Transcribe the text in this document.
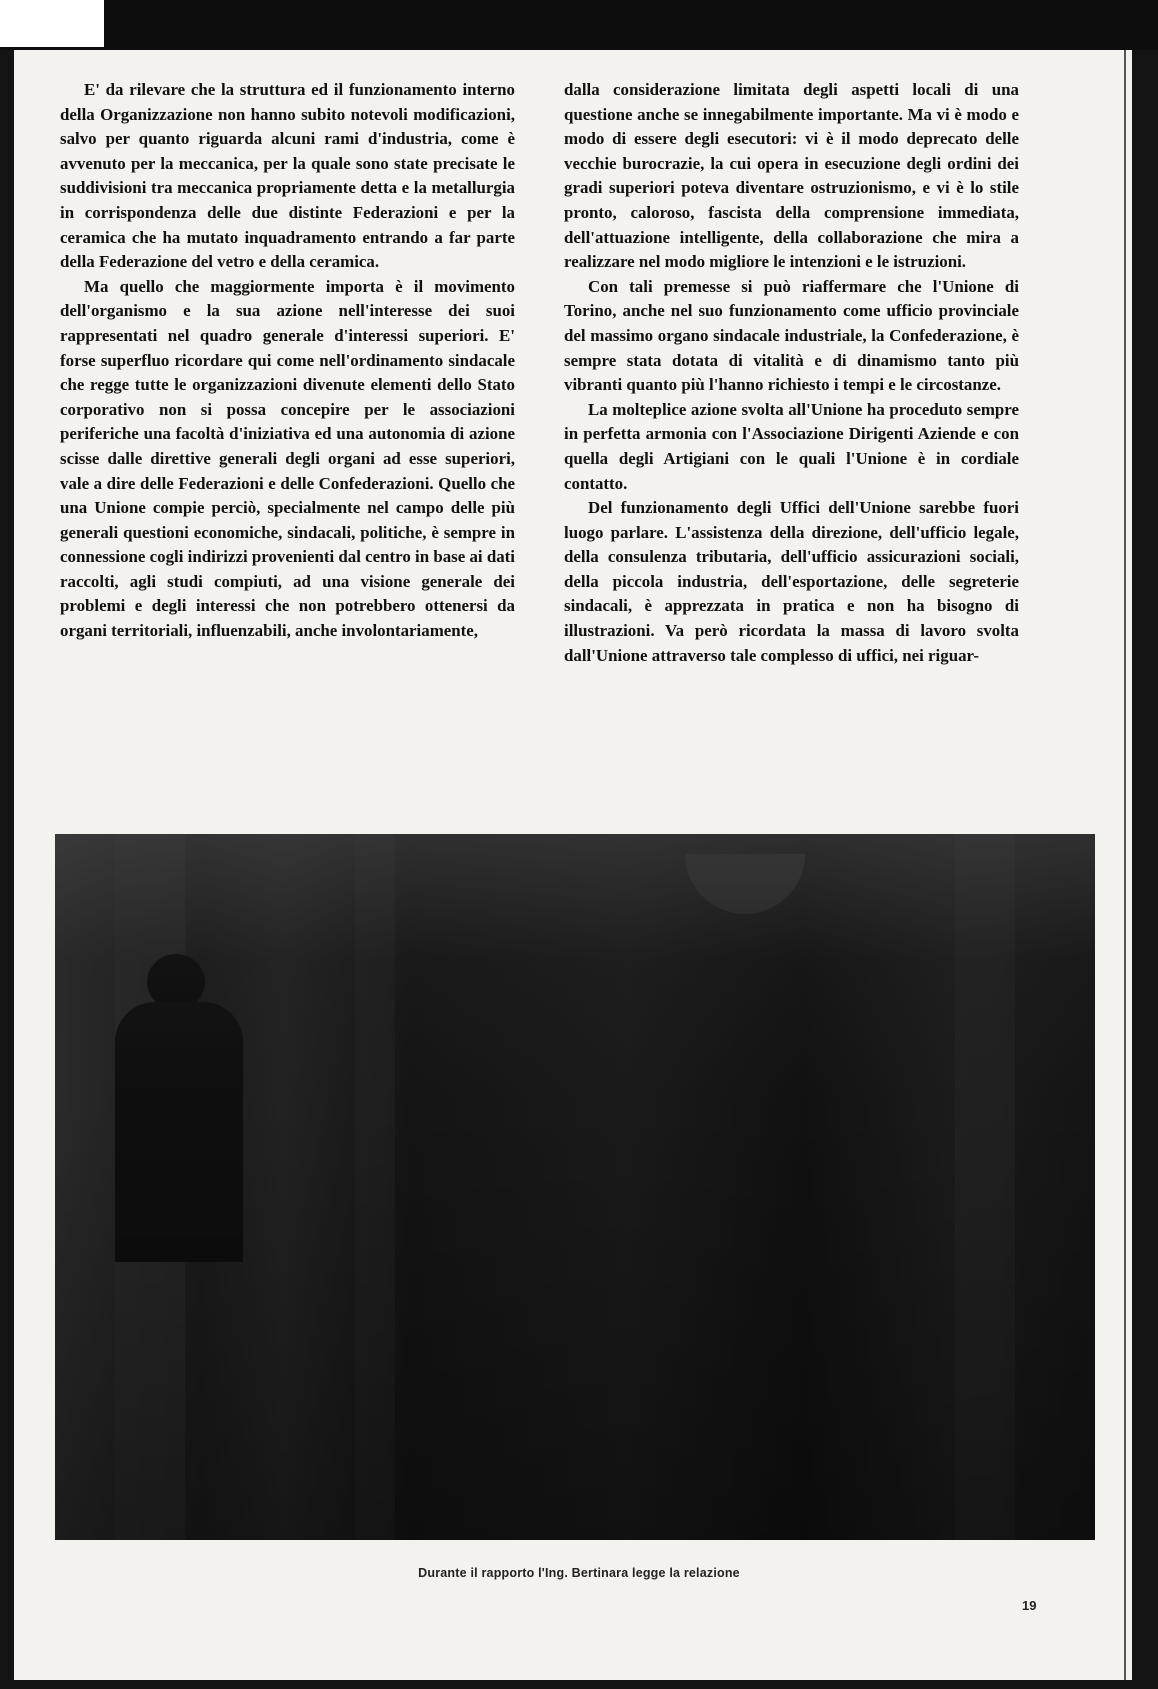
E' da rilevare che la struttura ed il funzionamento interno della Organizzazione non hanno subito notevoli modificazioni, salvo per quanto riguarda alcuni rami d'industria, come è avvenuto per la meccanica, per la quale sono state precisate le suddivisioni tra meccanica propriamente detta e la metallurgia in corrispondenza delle due distinte Federazioni e per la ceramica che ha mutato inquadramento entrando a far parte della Federazione del vetro e della ceramica.

Ma quello che maggiormente importa è il movimento dell'organismo e la sua azione nell'interesse dei suoi rappresentati nel quadro generale d'interessi superiori. E' forse superfluo ricordare qui come nell'ordinamento sindacale che regge tutte le organizzazioni divenute elementi dello Stato corporativo non si possa concepire per le associazioni periferiche una facoltà d'iniziativa ed una autonomia di azione scisse dalle direttive generali degli organi ad esse superiori, vale a dire delle Federazioni e delle Confederazioni. Quello che una Unione compie perciò, specialmente nel campo delle più generali questioni economiche, sindacali, politiche, è sempre in connessione cogli indirizzi provenienti dal centro in base ai dati raccolti, agli studi compiuti, ad una visione generale dei problemi e degli interessi che non potrebbero ottenersi da organi territoriali, influenzabili, anche involontariamente,

dalla considerazione limitata degli aspetti locali di una questione anche se innegabilmente importante. Ma vi è modo e modo di essere degli esecutori: vi è il modo deprecato delle vecchie burocrazie, la cui opera in esecuzione degli ordini dei gradi superiori poteva diventare ostruzionismo, e vi è lo stile pronto, caloroso, fascista della comprensione immediata, dell'attuazione intelligente, della collaborazione che mira a realizzare nel modo migliore le intenzioni e le istruzioni.

Con tali premesse si può riaffermare che l'Unione di Torino, anche nel suo funzionamento come ufficio provinciale del massimo organo sindacale industriale, la Confederazione, è sempre stata dotata di vitalità e di dinamismo tanto più vibranti quanto più l'hanno richiesto i tempi e le circostanze.

La molteplice azione svolta all'Unione ha proceduto sempre in perfetta armonia con l'Associazione Dirigenti Aziende e con quella degli Artigiani con le quali l'Unione è in cordiale contatto.

Del funzionamento degli Uffici dell'Unione sarebbe fuori luogo parlare. L'assistenza della direzione, dell'ufficio legale, della consulenza tributaria, dell'ufficio assicurazioni sociali, della piccola industria, dell'esportazione, delle segreterie sindacali, è apprezzata in pratica e non ha bisogno di illustrazioni. Va però ricordata la massa di lavoro svolta dall'Unione attraverso tale complesso di uffici, nei riguar-

Durante il rapporto l'Ing. Bertinara legge la relazione
19
